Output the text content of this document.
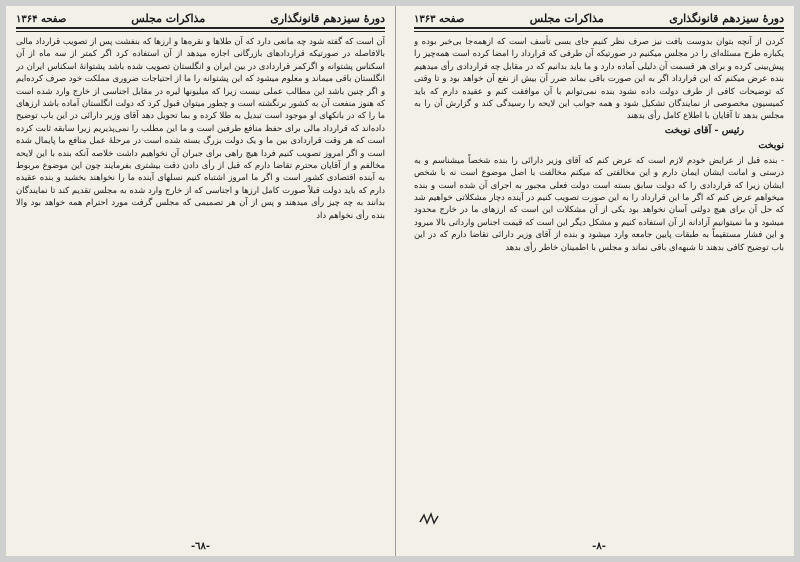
دورهٔ سیزدهم قانونگذاری
مذاکرات مجلس
صفحه ۱۳۶۴
آن است که گفته شود چه مانعی دارد که آن طلاها و نقره‌ها و ارزها که بنفشت پس از تصویب قرارداد مالی بالافاصله در صورتیکه قراردادهای بازرگانی اجازه میدهد از آن استفاده کرد اگر کمتر از سه ماه از آن اسکناس پشتوانه و اگرکمر قراردادی در بین ایران و انگلستان تصویب شده باشد پشتوانهٔ اسکناس ایران در انگلستان باقی میماند و معلوم میشود که این پشتوانه را ما از احتیاجات ضروری مملکت خود صرف کرده‌ایم و اگر چنین باشد این مطالب عملی نیست زیرا که میلیونها لیره در مقابل اجناسی از خارج وارد شده است که هنوز منفعت آن به کشور برنگشته است و چطور میتوان قبول کرد که دولت انگلستان آماده باشد ارزهای ما را که در بانکهای او موجود است تبدیل به طلا کرده و بما تحویل دهد آقای وزیر دارائی در این باب توضیح داده‌اند که قرارداد مالی برای حفظ منافع طرفین است و ما این مطلب را نمی‌پذیریم زیرا سابقه ثابت کرده است که هر وقت قراردادی بین ما و یک دولت بزرگ بسته شده است در مرحلهٔ عمل منافع ما پایمال شده است و اگر امروز تصویب کنیم فردا هیچ راهی برای جبران آن نخواهیم داشت خلاصه آنکه بنده با این لایحه مخالفم و از آقایان محترم تقاضا دارم که قبل از رأی دادن دقت بیشتری بفرمایند چون این موضوع مربوط به آینده اقتصادی کشور است و اگر ما امروز اشتباه کنیم نسلهای آینده ما را نخواهند بخشید و بنده عقیده دارم که باید دولت قبلاً صورت کامل ارزها و اجناسی که از خارج وارد شده به مجلس تقدیم کند تا نمایندگان بدانند به چه چیز رأی میدهند و پس از آن هر تصمیمی که مجلس گرفت مورد احترام همه خواهد بود والا بنده رأی نخواهم داد
-٦٨-
دورهٔ سیزدهم قانونگذاری
مذاکرات مجلس
صفحه ۱۳۶۳
کردن از آنچه بتوان بدوست بافت نیز صرف نظر کنیم جای بسی تأسف است که ازهمه‌جا بی‌خبر بوده و یکباره طرح مسئله‌ای را در مجلس میکنیم در صورتیکه آن طرفی که قرارداد را امضا کرده است همه‌چیز را پیش‌بینی کرده و برای هر قسمت آن دلیلی آماده دارد و ما باید بدانیم که در مقابل چه قراردادی رأی میدهیم بنده عرض میکنم که این قرارداد اگر به این صورت باقی بماند ضرر آن بیش از نفع آن خواهد بود و تا وقتی که توضیحات کافی از طرف دولت داده نشود بنده نمی‌توانم با آن موافقت کنم و عقیده دارم که باید کمیسیون مخصوصی از نمایندگان تشکیل شود و همه جوانب این لایحه را رسیدگی کند و گزارش آن را به مجلس بدهد تا آقایان با اطلاع کامل رأی بدهند
رئیس - آقای نوبخت
نوبخت
- بنده قبل از عرایض خودم لازم است که عرض کنم که آقای وزیر دارائی را بنده شخصاً میشناسم و به درستی و امانت ایشان ایمان دارم و این مخالفتی که میکنم مخالفت با اصل موضوع است نه با شخص ایشان زیرا که قراردادی را که دولت سابق بسته است دولت فعلی مجبور به اجرای آن شده است و بنده میخواهم عرض کنم که اگر ما این قرارداد را به این صورت تصویب کنیم در آینده دچار مشکلاتی خواهیم شد که حل آن برای هیچ دولتی آسان نخواهد بود یکی از آن مشکلات این است که ارزهای ما در خارج محدود میشود و ما نمیتوانیم آزادانه از آن استفاده کنیم و مشکل دیگر این است که قیمت اجناس وارداتی بالا میرود و این فشار مستقیماً به طبقات پایین جامعه وارد میشود و بنده از آقای وزیر دارائی تقاضا دارم که در این باب توضیح کافی بدهند تا شبهه‌ای باقی نماند و مجلس با اطمینان خاطر رأی بدهد
-٨-
